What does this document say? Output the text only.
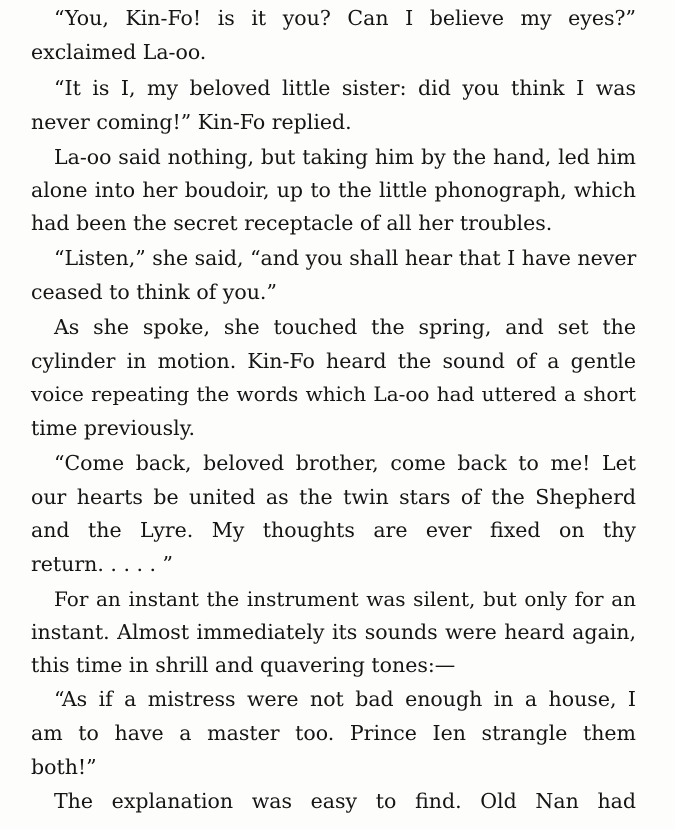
“You, Kin-Fo! is it you? Can I believe my eyes?”
exclaimed La-oo.
“It is I, my beloved little sister: did you think I was
never coming!” Kin-Fo replied.
La-oo said nothing, but taking him by the hand, led him
alone into her boudoir, up to the little phonograph, which
had been the secret receptacle of all her troubles.
“Listen,” she said, “and you shall hear that I have never
ceased to think of you.”
As she spoke, she touched the spring, and set the
cylinder in motion. Kin-Fo heard the sound of a gentle
voice repeating the words which La-oo had uttered a short
time previously.
“Come back, beloved brother, come back to me! Let
our hearts be united as the twin stars of the Shepherd
and the Lyre. My thoughts are ever fixed on thy
return. . . . . ”
For an instant the instrument was silent, but only for an
instant. Almost immediately its sounds were heard again,
this time in shrill and quavering tones:—
“As if a mistress were not bad enough in a house, I
am to have a master too. Prince Ien strangle them
both!”
The explanation was easy to find. Old Nan had
